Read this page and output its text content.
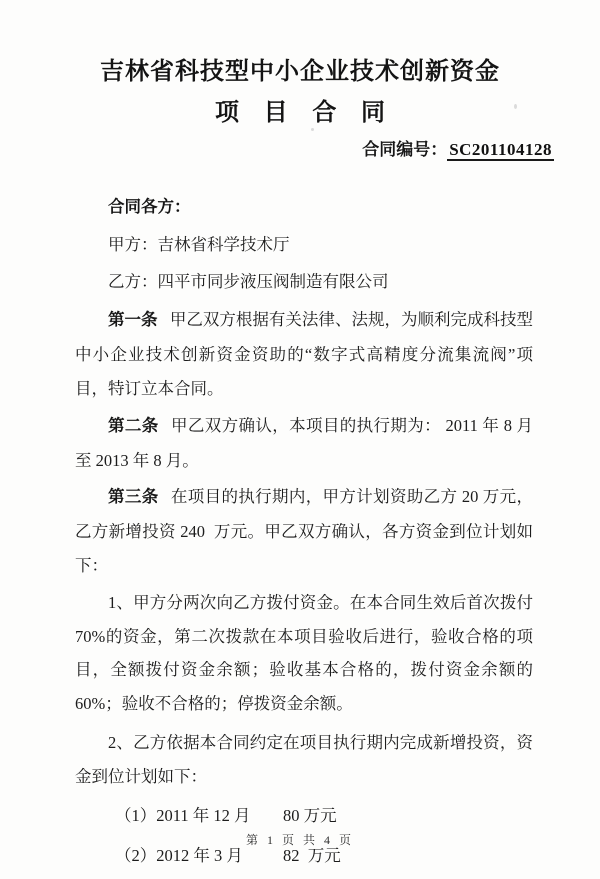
吉林省科技型中小企业技术创新资金
项 目 合 同
合同编号： SC201104128

合同各方：

甲方：吉林省科学技术厅

乙方：四平市同步液压阀制造有限公司

第一条 甲乙双方根据有关法律、法规，为顺利完成科技型中小企业技术创新资金资助的“数字式高精度分流集流阀”项目，特订立本合同。

第二条 甲乙双方确认，本项目的执行期为： 2011 年 8 月 至 2013 年 8 月。

第三条 在项目的执行期内，甲方计划资助乙方 20 万元，乙方新增投资 240  万元。甲乙双方确认，各方资金到位计划如下：

1、甲方分两次向乙方拨付资金。在本合同生效后首次拨付 70%的资金，第二次拨款在本项目验收后进行，验收合格的项目，全额拨付资金余额；验收基本合格的，拨付资金余额的 60%；验收不合格的；停拨资金余额。

2、乙方依据本合同约定在项目执行期内完成新增投资，资金到位计划如下：

（1）2011 年 12 月 80 万元
（2）2012 年 3 月 82  万元
第 1 页 共 4 页
